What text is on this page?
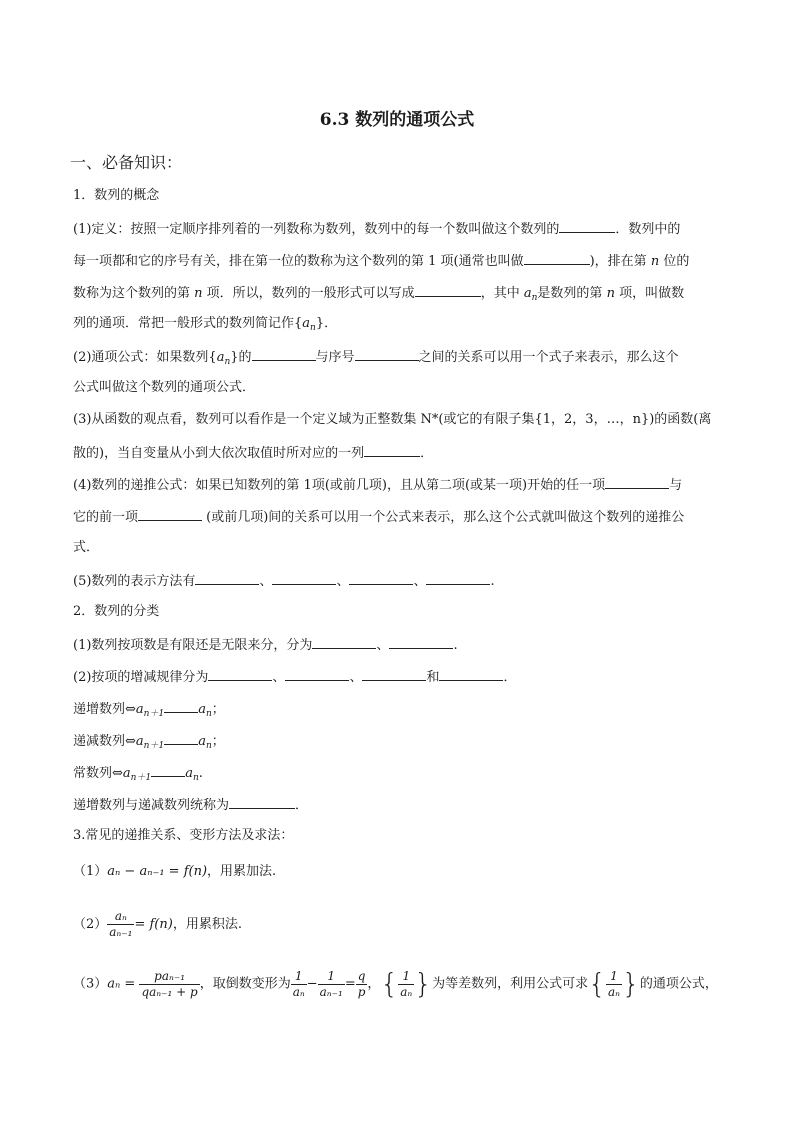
6.3 数列的通项公式
一、必备知识：
1．数列的概念
(1)定义：按照一定顺序排列着的一列数称为数列，数列中的每一个数叫做这个数列的	．数列中的
每一项都和它的序号有关，排在第一位的数称为这个数列的第 1 项(通常也叫做	)，排在第 n 位的
数称为这个数列的第 n 项．所以，数列的一般形式可以写成	，其中 $a_n$是数列的第 n 项，叫做数
列的通项．常把一般形式的数列简记作$\{a_n\}$．
(2)通项公式：如果数列$\{a_n\}$的	与序号	之间的关系可以用一个式子来表示，那么这个
公式叫做这个数列的通项公式．
(3)从函数的观点看，数列可以看作是一个定义域为正整数集 N*(或它的有限子集{1，2，3，…，n})的函数(离
散的)，当自变量从小到大依次取值时所对应的一列	．
(4)数列的递推公式：如果已知数列的第 1项(或前几项)，且从第二项(或某一项)开始的任一项	与
它的前一项	(或前几项)间的关系可以用一个公式来表示，那么这个公式就叫做这个数列的递推公
式．
(5)数列的表示方法有	、	、	、	.
2．数列的分类
(1)数列按项数是有限还是无限来分，分为	、	.
(2)按项的增减规律分为	、	、	和	．
递增数列$\Leftrightarrow a_{n+1}$	$a_n$；
递减数列$\Leftrightarrow a_{n+1}$	$a_n$；
常数列$\Leftrightarrow a_{n+1}$	$a_n$.
递增数列与递减数列统称为	．
3.常见的递推关系、变形方法及求法：
（1）aₙ − aₙ₋₁ = f(n)，用累加法.
$(2) \frac{\text{aₙ}}{\text{aₙ₋₁}} = f(n)$，用累积法.
$(3)a_n = \frac{\text{paₙ₋₁}}{\text{qaₙ₋₁ + p}}$ ，取倒数变形为 $\frac{1}{\text{aₙ}} - \frac{1}{\text{aₙ₋₁}} = \frac{q}{p}$ ，{ $\frac{1}{\text{aₙ}}$ }为等差数列，利用公式可求{ $\frac{1}{\text{aₙ}}$ }的通项公式，
